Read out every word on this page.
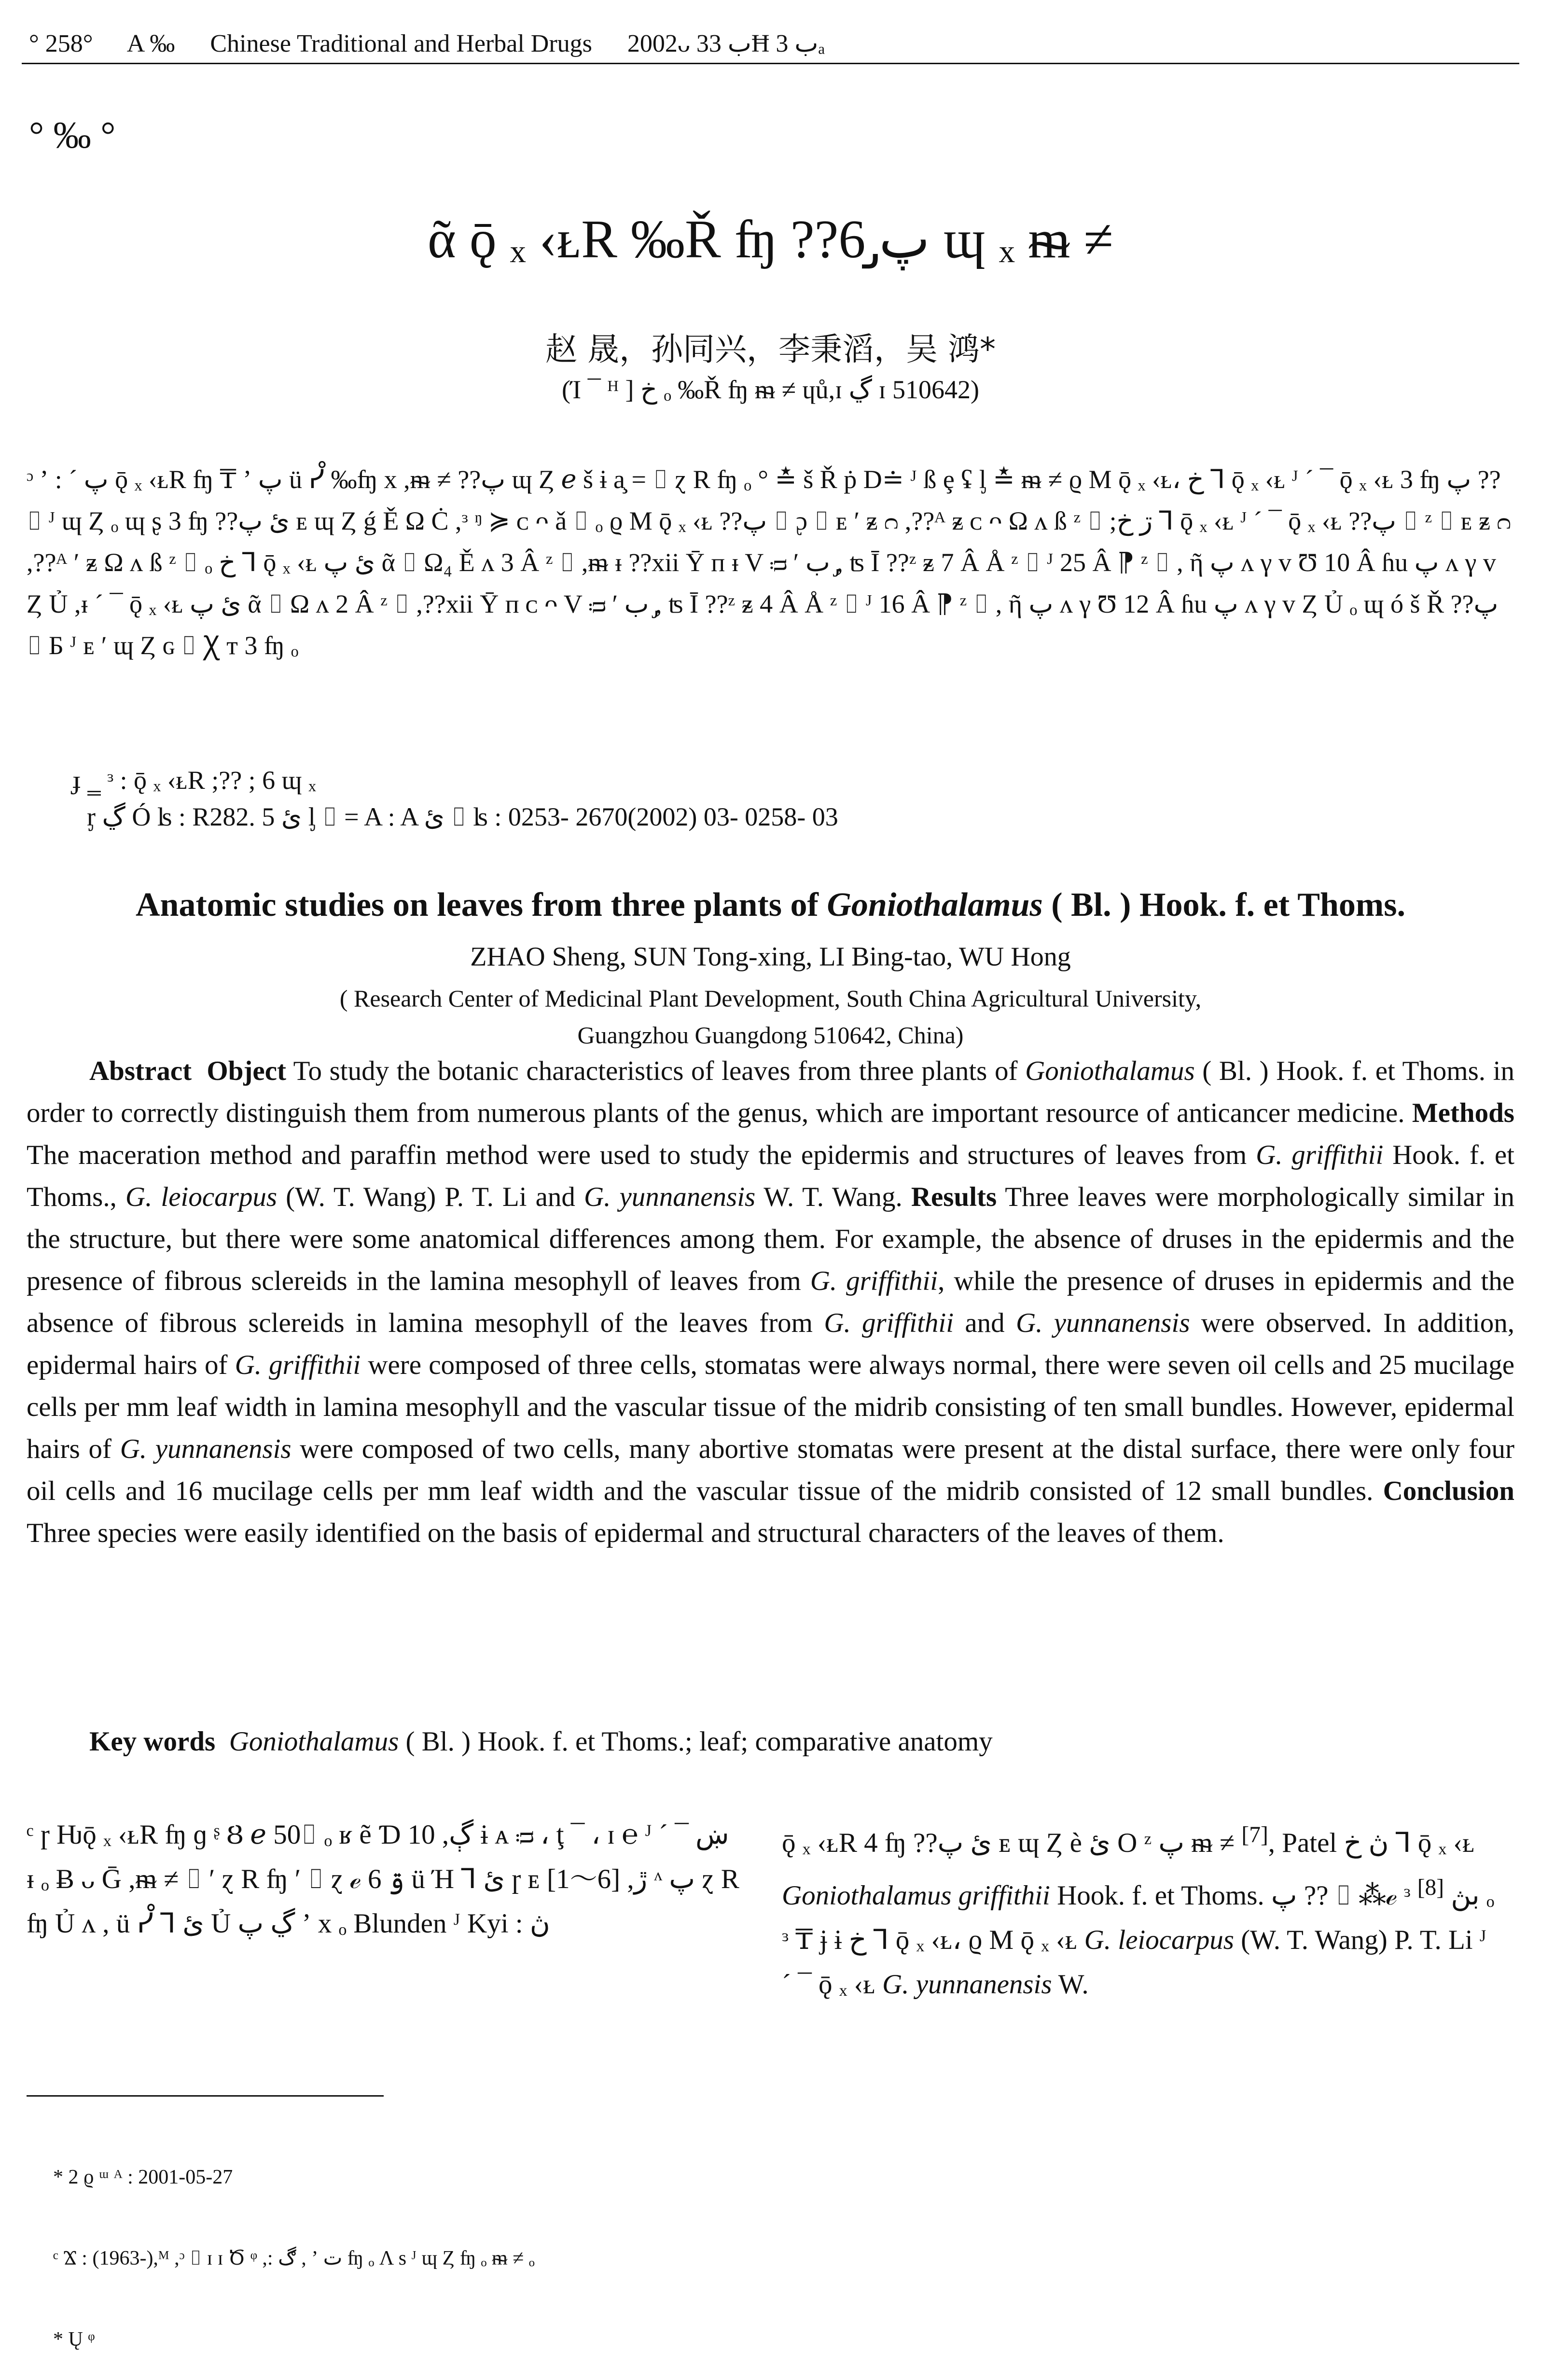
° 258° A ‰ Chinese Traditional and Herbal Drugs 2002ᴗ ب 33Ħ ب 3ₐ
° ‰ °
ᾶ ǭ ₓ ‹ᴌR ‰Ř ʩ ??پ̡ 6 ɰ ₓ ᵯ ≠
赵 晟，孙同兴，李秉滔，吴 鸿*
(Ί ¯ ᴴ ] خ ₒ ‰Ř ʩ ᵯ ≠ ɥů,ɪ ڲ ɪ 510642)
ᵓ ʼ : ˊ پ ǭ ₓ ‹ᴌR ʩ ₸ ʼ پ ü ᓮ ‰ʩ x ,ᵯ ≠ ??پ ɰ Ȥ ℯ š ɨ a̧ = ⌷ ɀ R ʩ ₒ ° ≛ š Ř ṗ D≐ ᴶ ß ȩ ʢ ᶅ ≛ ᵯ ≠ ϱ M ǭ ₓ ‹ᴌ، خ ⅂ ǭ ₓ ‹ᴌ ᴶ ˊ ¯ ǭ ₓ ‹ᴌ 3 ʩ پ ?? ⌷ ᴶ ɰ Ȥ ₒ ɰ ʂ 3 ʩ ??ئ پ ᴇ ɰ Ȥ ǵ Ě Ω Ċ ,ᵌ ᵑ ≽ ᴄ ᴖ ǎ ⌷ ₒ ϱ M ǭ ₓ ‹ᴌ ??پ ⌷ ᶗ ⌷ ᴇ ʹ ᵶ ᴒ ,??ᴬ ᵶ ᴄ ᴖ Ω ᴧ ß ᶻ ⌷ ;ڗ خ ⅂ ǭ ₓ ‹ᴌ ᴶ ˊ ¯ ǭ ₓ ‹ᴌ ??پ ⌷ ᶻ ⌷ ᴇ ᵶ ᴒ ,??ᴬ ʹ ᵶ Ω ᴧ ß ᶻ ⌷ ₒ خ ⅂ ǭ ₓ ‹ᴌ ئ پ ᾶ ⌷ Ω₄ Ě ᴧ 3 Â ᶻ ⌷ ,ᵯ ᵻ ??xii Ῡ ᴨ ᵻ V ᴞ ʹ ب ,̡ ʦ Ī ??ᶻ ᵶ 7 Â Å ᶻ ⌷ ᴶ 25 Â ⁋ ᶻ ⌷ , ῆ پ ᴧ γ v Ʊ 10 Â ɦu پ ᴧ γ v Ȥ Ủ ,ᵻ ˊ ¯ ǭ ₓ ‹ᴌ ئ پ ᾶ ⌷ Ω ᴧ 2 Â ᶻ ⌷ ,??xii Ῡ ᴨ ᴄ ᴖ V ᴞ ʹ ب ,̡ ʦ Ī ??ᶻ ᵶ 4 Â Å ᶻ ⌷ ᴶ 16 Â ⁋ ᶻ ⌷ , ῆ پ ᴧ γ Ʊ 12 Â ɦu پ ᴧ γ v Ȥ Ủ ₒ ɰ ó š Ř ??پ ⌷ Б ᴶ ᴇ ʹ ɰ Ȥ ɢ ⌷ Ꭓ ᴛ 3 ʩ ₒ
ɟ ‗ ᵌ : ǭ ₓ ‹ᴌR ;?? ; 6 ɰ ₓ
ᶉ ڲ Ó ʪ : R282. 5 ئ ᶅ ⌷ = A : A ئ ⌷ ʪ : 0253- 2670(2002) 03- 0258- 03
Anatomic studies on leaves from three plants of Goniothalamus ( Bl. ) Hook. f. et Thoms.
ZHAO Sheng, SUN Tong-xing, LI Bing-tao, WU Hong
( Research Center of Medicinal Plant Development, South China Agricultural University,
Guangzhou Guangdong 510642, China)
Abstract Object To study the botanic characteristics of leaves from three plants of Goniothalamus ( Bl. ) Hook. f. et Thoms. in order to correctly distinguish them from numerous plants of the genus, which are important resource of anticancer medicine. Methods The maceration method and paraffin method were used to study the epidermis and structures of leaves from G. griffithii Hook. f. et Thoms., G. leiocarpus (W. T. Wang) P. T. Li and G. yunnanensis W. T. Wang. Results Three leaves were morphologically similar in the structure, but there were some anatomical differences among them. For example, the absence of druses in the epidermis and the presence of fibrous sclereids in the lamina mesophyll of leaves from G. griffithii, while the presence of druses in epidermis and the absence of fibrous sclereids in lamina mesophyll of the leaves from G. griffithii and G. yunnanensis were observed. In addition, epidermal hairs of G. griffithii were composed of three cells, stomatas were always normal, there were seven oil cells and 25 mucilage cells per mm leaf width in lamina mesophyll and the vascular tissue of the midrib consisting of ten small bundles. However, epidermal hairs of G. yunnanensis were composed of two cells, many abortive stomatas were present at the distal surface, there were only four oil cells and 16 mucilage cells per mm leaf width and the vascular tissue of the midrib consisted of 12 small bundles. Conclusion Three species were easily identified on the basis of epidermal and structural characters of the leaves of them.
Key words Goniothalamus ( Bl. ) Hook. f. et Thoms.; leaf; comparative anatomy
ᶜ ɼ Ƕǭ ₓ ‹ᴌR ʩ ɡ ᶳ Ȣ ℯ 50⌷ ₒ ʁ ẽ Ɗ 10 ,ڳ ɨ ᴀ ᴞ ، ţ ¯ ، ɪ ℮ ᴶ ˊ ¯ ښ ᵻ ₒ Ƀ ᴗ Ḡ ,ᵯ ≠ ⌷ ʹ ɀ R ʩ ʹ ⌷ ɀ ℯ 6 ۊ ü Ή ⅂ ئ ɼ ᴇ [1～6] ,ڙ ᶺ پ ɀ R ʩ Ủ ᴧ , ü ᓮ ⅂ ئ Ủ ڲ پ ʼ x ₒ Blunden ᴶ Kyi : ڽ
ǭ ₓ ‹ᴌR 4 ʩ ??ئ پ ᴇ ɰ Ȥ è ئ O ᶻ پ ᵯ ≠ [7], Patel ڽ خ ⅂ ǭ ₓ ‹ᴌ Goniothalamus griffithii Hook. f. et Thoms. پ ?? ⌷ ⁂ℯ ᵌ بڽ [8] ₒ ᵌ ₸ ɉ ɨ خ ⅂ ǭ ₓ ‹ᴌ، ϱ M ǭ ₓ ‹ᴌ G. leiocarpus (W. T. Wang) P. T. Li ᴶ ˊ ¯ ǭ ₓ ‹ᴌ G. yunnanensis W.

* 2 ϱ ᵚ ᴬ : 2001-05-27

ᶜ Ϫ : (1963-),ᴹ ,ᵓ ⌷ ɪ ɪ Ծ ᵠ ,: ڰ , ʼ ت ʩ ₒ Λ s ᴶ ɰ Ȥ ʩ ₒ ᵯ ≠ ₒ

* Ų ᵠ
